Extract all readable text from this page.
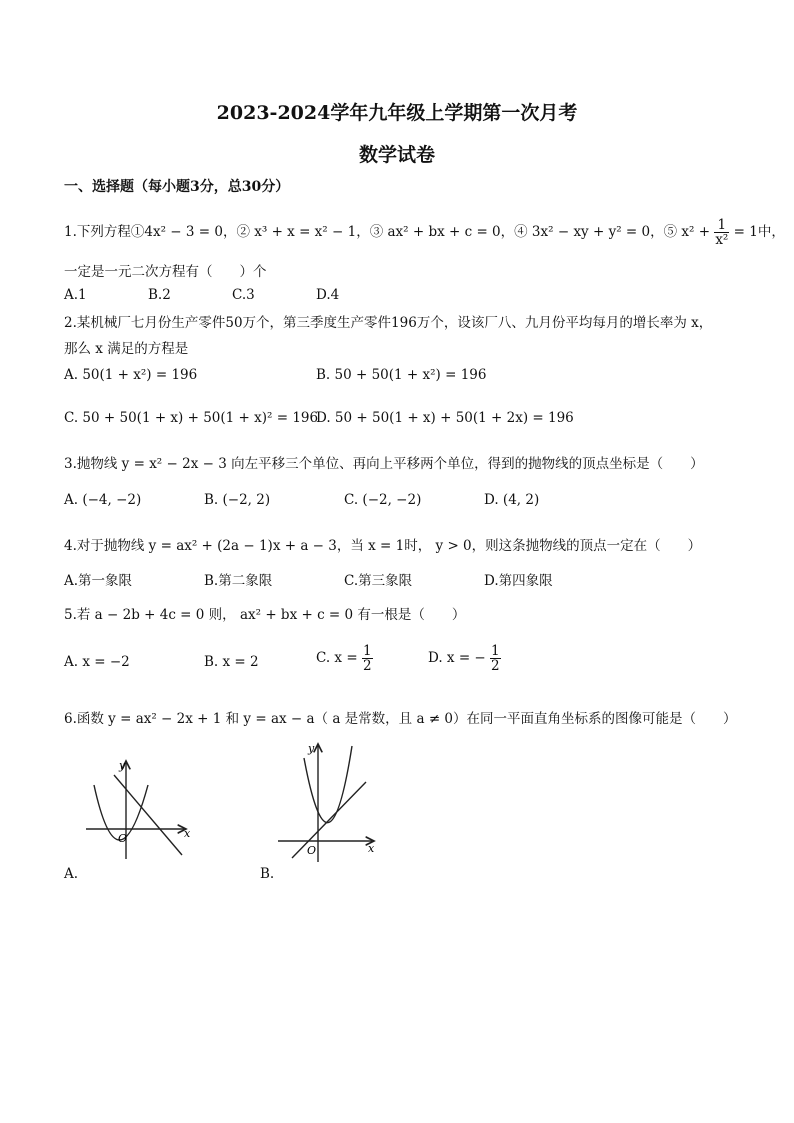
2023-2024学年九年级上学期第一次月考
数学试卷
一、选择题（每小题3分，总30分）
1.下列方程①4x² − 3 = 0，② x³ + x = x² − 1，③ ax² + bx + c = 0，④ 3x² − xy + y² = 0，⑤ $x^2 + \frac{1}{\text{x²}} = 1$中，
一定是一元二次方程有（　　）个
A.1	B.2	C.3	D.4
2.某机械厂七月份生产零件50万个，第三季度生产零件196万个，设该厂八、九月份平均每月的增长率为 x，
那么 x 满足的方程是
A. 50(1 + x²) = 196	B. 50 + 50(1 + x²) = 196
C. 50 + 50(1 + x) + 50(1 + x)² = 196
D. 50 + 50(1 + x) + 50(1 + 2x) = 196
3.抛物线 y = x² − 2x − 3 向左平移三个单位、再向上平移两个单位，得到的抛物线的顶点坐标是（　　）
A. (−4, −2)	B. (−2, 2)	C. (−2, −2)	D. (4, 2)
4.对于抛物线 y = ax² + (2a − 1)x + a − 3，当 x = 1时， y > 0，则这条抛物线的顶点一定在（　　）
A.第一象限	B.第二象限	C.第三象限	D.第四象限
5.若 a − 2b + 4c = 0 则， ax² + bx + c = 0 有一根是（　　）
A. x = −2	B. x = 2	C. $x = \frac{1}{2}$	D. x = − $\frac{1}{2}$
6.函数 y = ax² − 2x + 1 和 y = ax − a（ a 是常数，且 a ≠ 0）在同一平面直角坐标系的图像可能是（　　）
y
x
O
A.
y
x
O
B.
